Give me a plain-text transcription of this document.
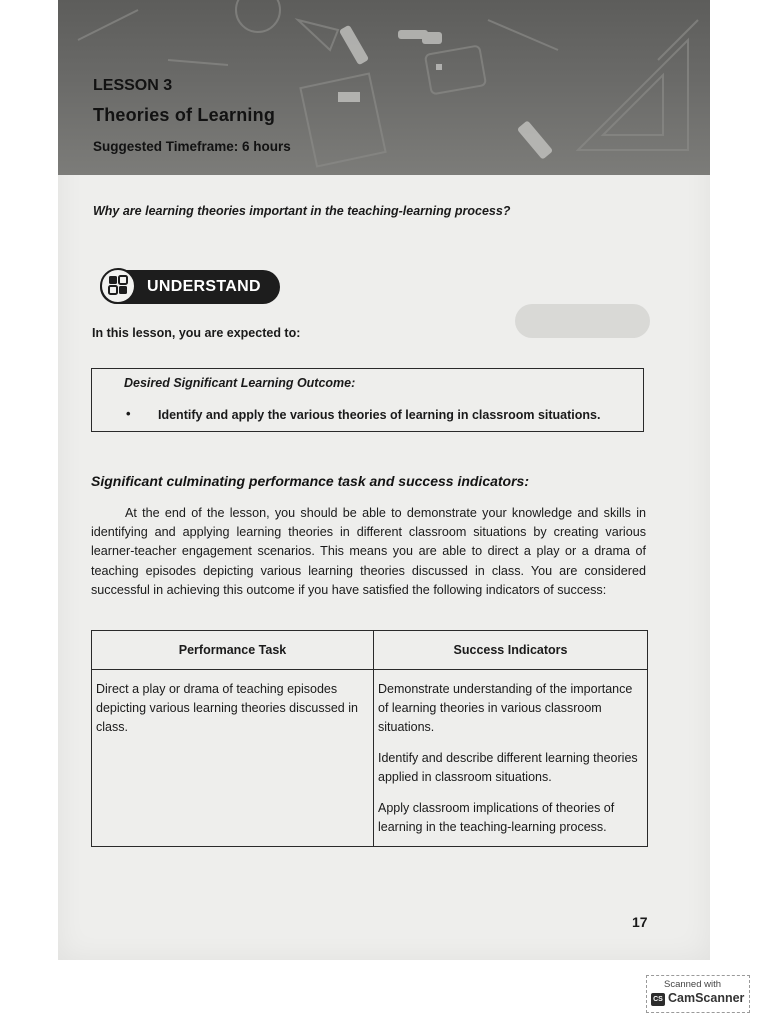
LESSON 3
Theories of Learning
Suggested Timeframe: 6 hours
Why are learning theories important in the teaching-learning process?
UNDERSTAND
In this lesson, you are expected to:
Desired Significant Learning Outcome:
• Identify and apply the various theories of learning in classroom situations.
Significant culminating performance task and success indicators:
At the end of the lesson, you should be able to demonstrate your knowledge and skills in identifying and applying learning theories in different classroom situations by creating various learner-teacher engagement scenarios. This means you are able to direct a play or a drama of teaching episodes depicting various learning theories discussed in class. You are considered successful in achieving this outcome if you have satisfied the following indicators of success:
Performance Task	Success Indicators
Direct a play or drama of teaching episodes depicting various learning theories discussed in class.	Demonstrate understanding of the importance of learning theories in various classroom situations.
Identify and describe different learning theories applied in classroom situations.
Apply classroom implications of theories of learning in the teaching-learning process.
17
Scanned with
CS CamScanner
